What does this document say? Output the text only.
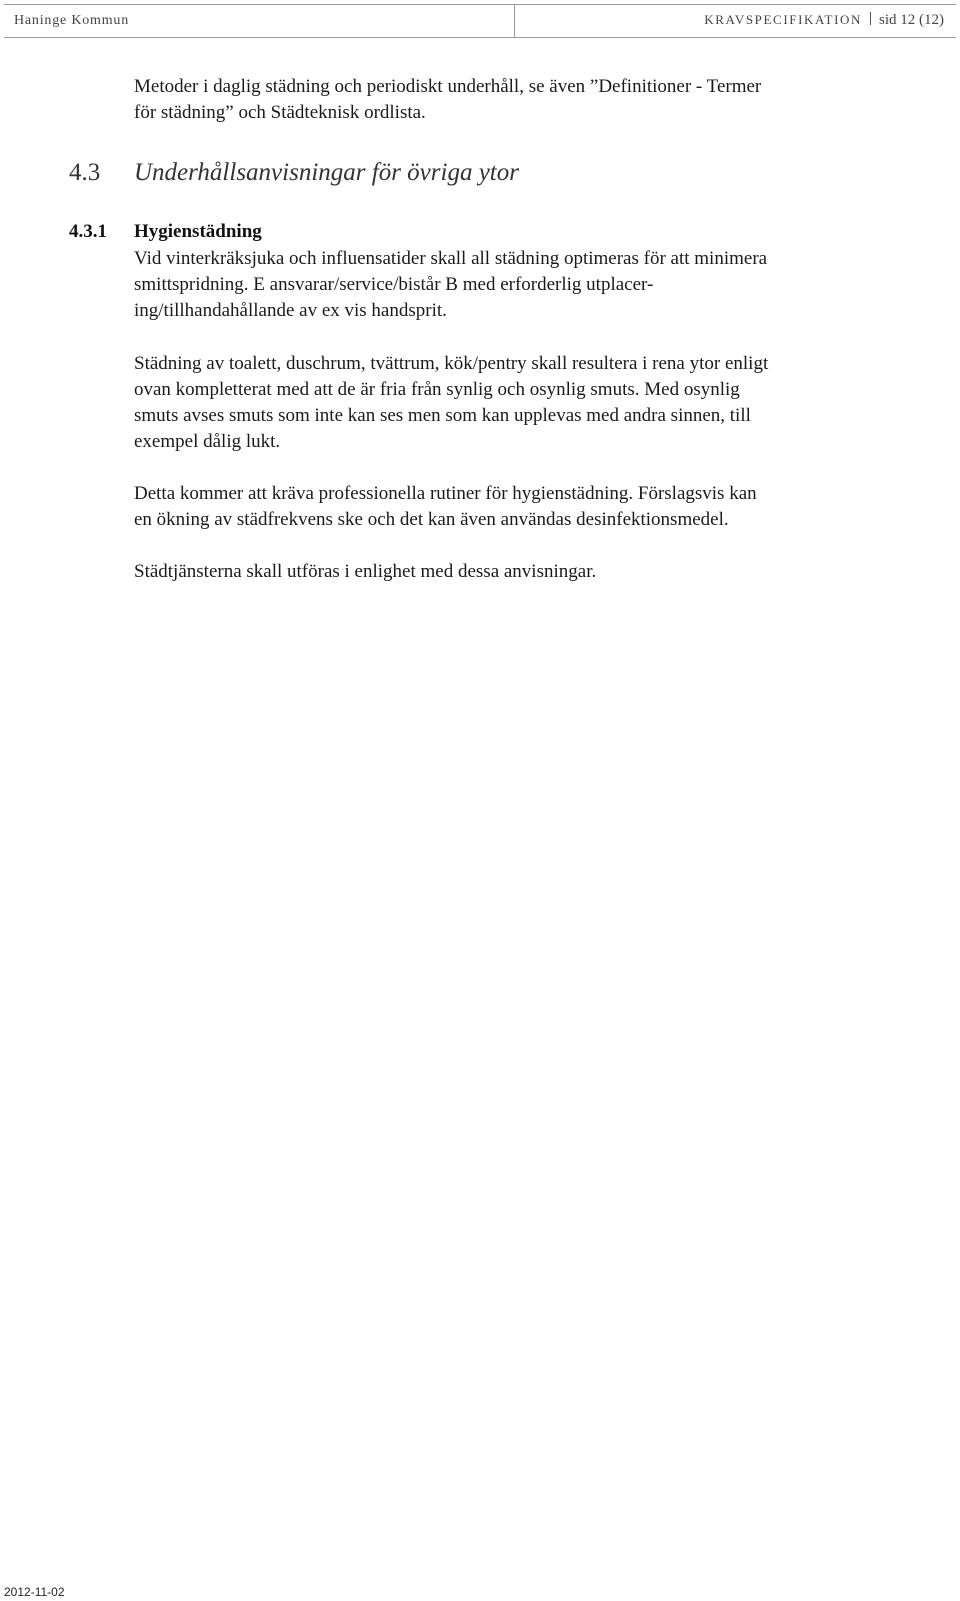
Haninge Kommun	KRAVSPECIFIKATION sid 12 (12)
Metoder i daglig städning och periodiskt underhåll, se även ”Definitioner - Termer
för städning” och Städteknisk ordlista.
4.3 Underhållsanvisningar för övriga ytor
4.3.1 Hygienstädning
Vid vinterkräksjuka och influensatider skall all städning optimeras för att minimera
smittspridning. E ansvarar/service/bistår B med erforderlig utplacer-
ing/tillhandahållande av ex vis handsprit.
Städning av toalett, duschrum, tvättrum, kök/pentry skall resultera i rena ytor enligt
ovan kompletterat med att de är fria från synlig och osynlig smuts. Med osynlig
smuts avses smuts som inte kan ses men som kan upplevas med andra sinnen, till
exempel dålig lukt.
Detta kommer att kräva professionella rutiner för hygienstädning. Förslagsvis kan
en ökning av städfrekvens ske och det kan även användas desinfektionsmedel.
Städtjänsterna skall utföras i enlighet med dessa anvisningar.
2012-11-02
